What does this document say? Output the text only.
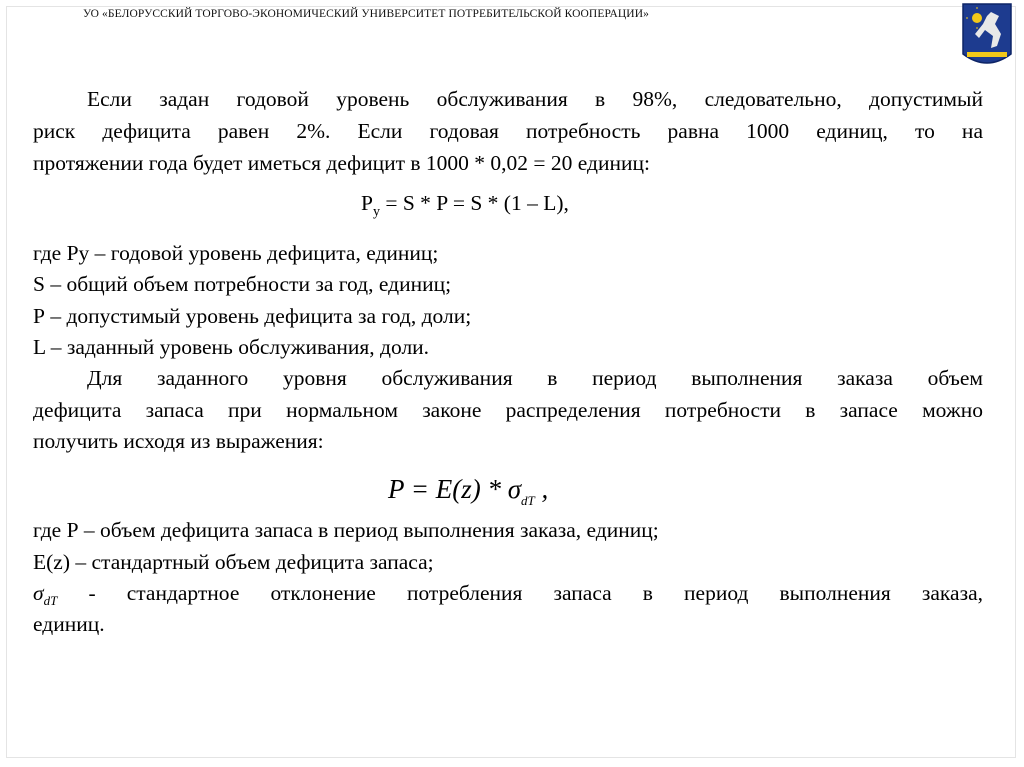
УО «БЕЛОРУССКИЙ ТОРГОВО-ЭКОНОМИЧЕСКИЙ УНИВЕРСИТЕТ ПОТРЕБИТЕЛЬСКОЙ КООПЕРАЦИИ»
Если задан годовой уровень обслуживания в 98%, следовательно, допустимый
риск дефицита равен 2%. Если годовая потребность равна 1000 единиц, то на
протяжении года будет иметься дефицит в 1000 * 0,02 = 20 единиц:
$P_у = S * P = S * (1 - L)$,
где Ру – годовой уровень дефицита, единиц;
S – общий объем потребности за год, единиц;
Р – допустимый уровень дефицита за год, доли;
L – заданный уровень обслуживания, доли.
Для заданного уровня обслуживания в период выполнения заказа объем
дефицита запаса при нормальном законе распределения потребности в запасе можно
получить исходя из выражения:
$P = E(z) * \sigma_{dT}$ ,
где Р – объем дефицита запаса в период выполнения заказа, единиц;
E(z) – стандартный объем дефицита запаса;
$\sigma_{dT}$ - стандартное отклонение потребления запаса в период выполнения заказа,
единиц.
